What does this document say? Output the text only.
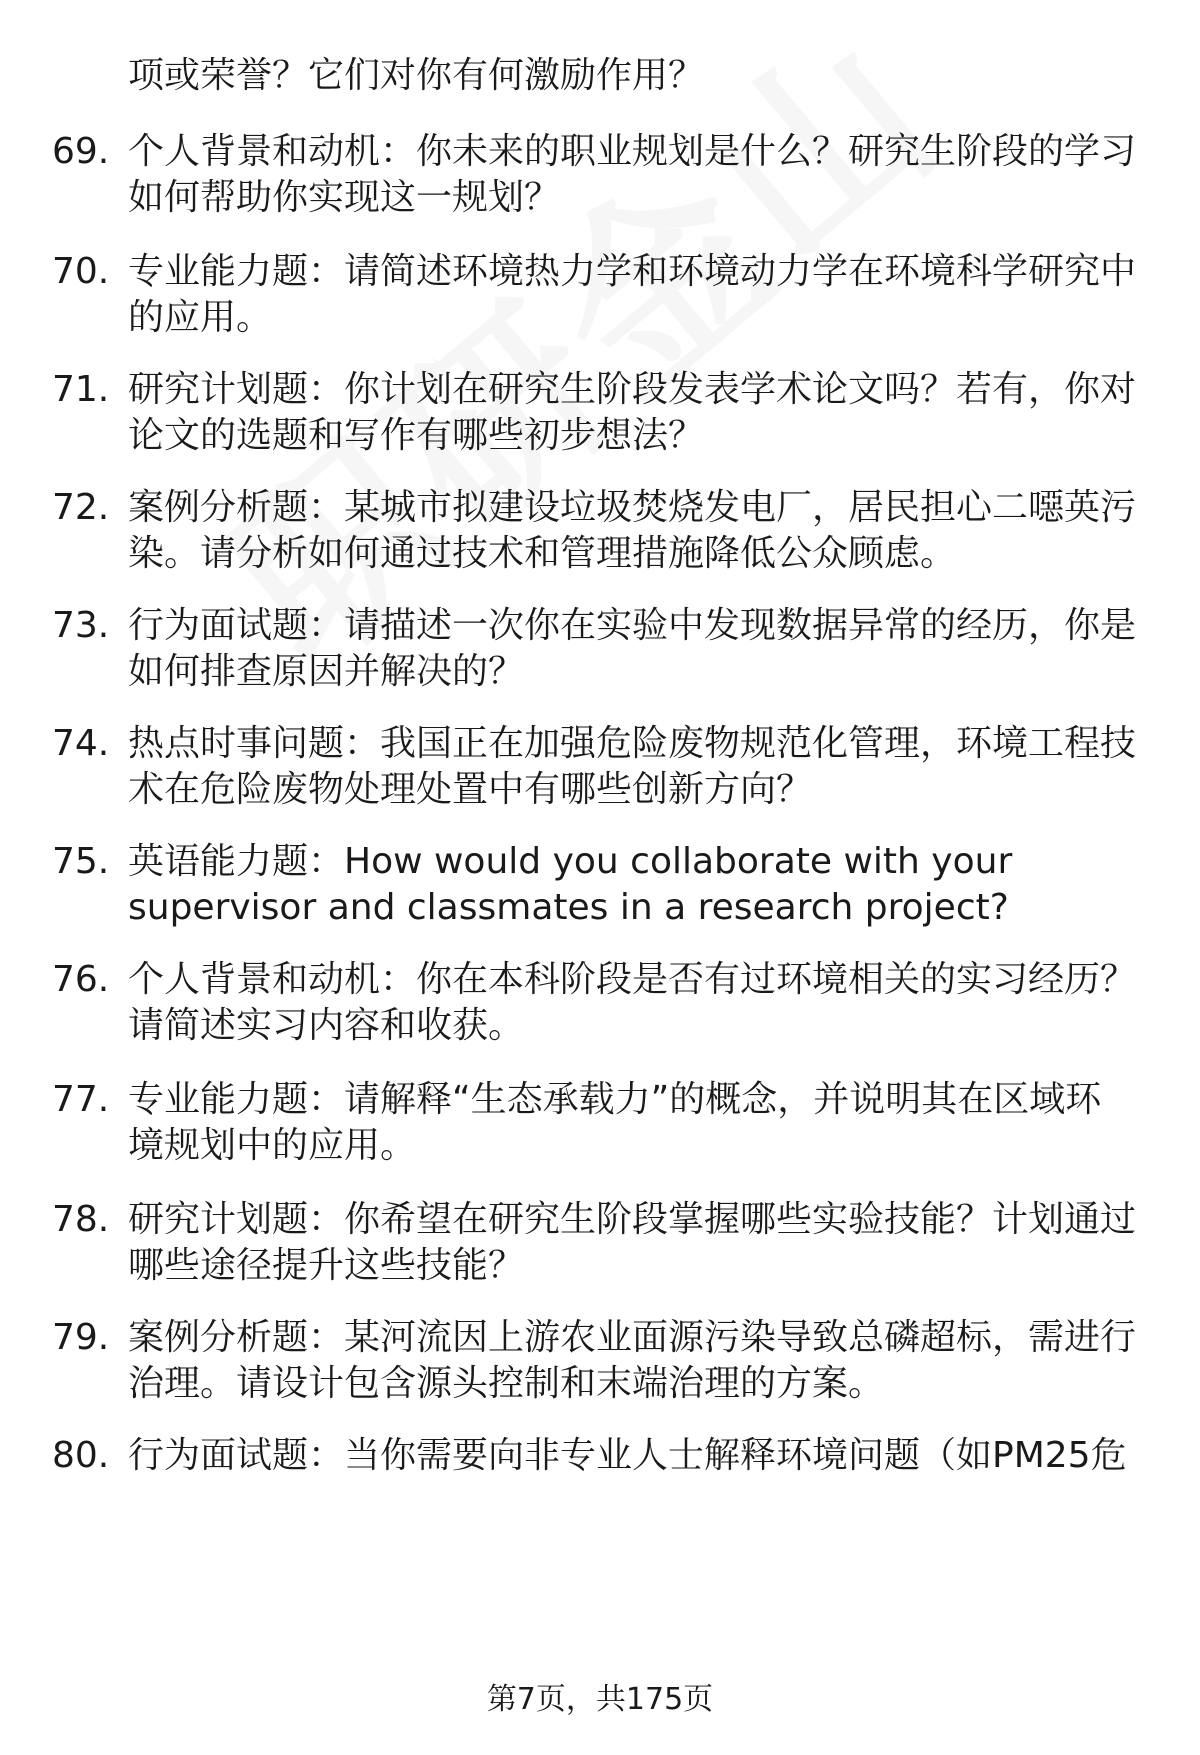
项或荣誉？它们对你有何激励作用？
69. 个人背景和动机：你未来的职业规划是什么？研究生阶段的学习
如何帮助你实现这一规划？
70. 专业能力题：请简述环境热力学和环境动力学在环境科学研究中
的应用。
71. 研究计划题：你计划在研究生阶段发表学术论文吗？若有，你对
论文的选题和写作有哪些初步想法？
72. 案例分析题：某城市拟建设垃圾焚烧发电厂，居民担心二噁英污
染。请分析如何通过技术和管理措施降低公众顾虑。
73. 行为面试题：请描述一次你在实验中发现数据异常的经历，你是
如何排查原因并解决的？
74. 热点时事问题：我国正在加强危险废物规范化管理，环境工程技
术在危险废物处理处置中有哪些创新方向？
75. 英语能力题：How would you collaborate with your
supervisor and classmates in a research project?
76. 个人背景和动机：你在本科阶段是否有过环境相关的实习经历？
请简述实习内容和收获。
77. 专业能力题：请解释“生态承载力”的概念，并说明其在区域环
境规划中的应用。
78. 研究计划题：你希望在研究生阶段掌握哪些实验技能？计划通过
哪些途径提升这些技能？
79. 案例分析题：某河流因上游农业面源污染导致总磷超标，需进行
治理。请设计包含源头控制和末端治理的方案。
80. 行为面试题：当你需要向非专业人士解释环境问题（如PM25危
第7页，共175页
